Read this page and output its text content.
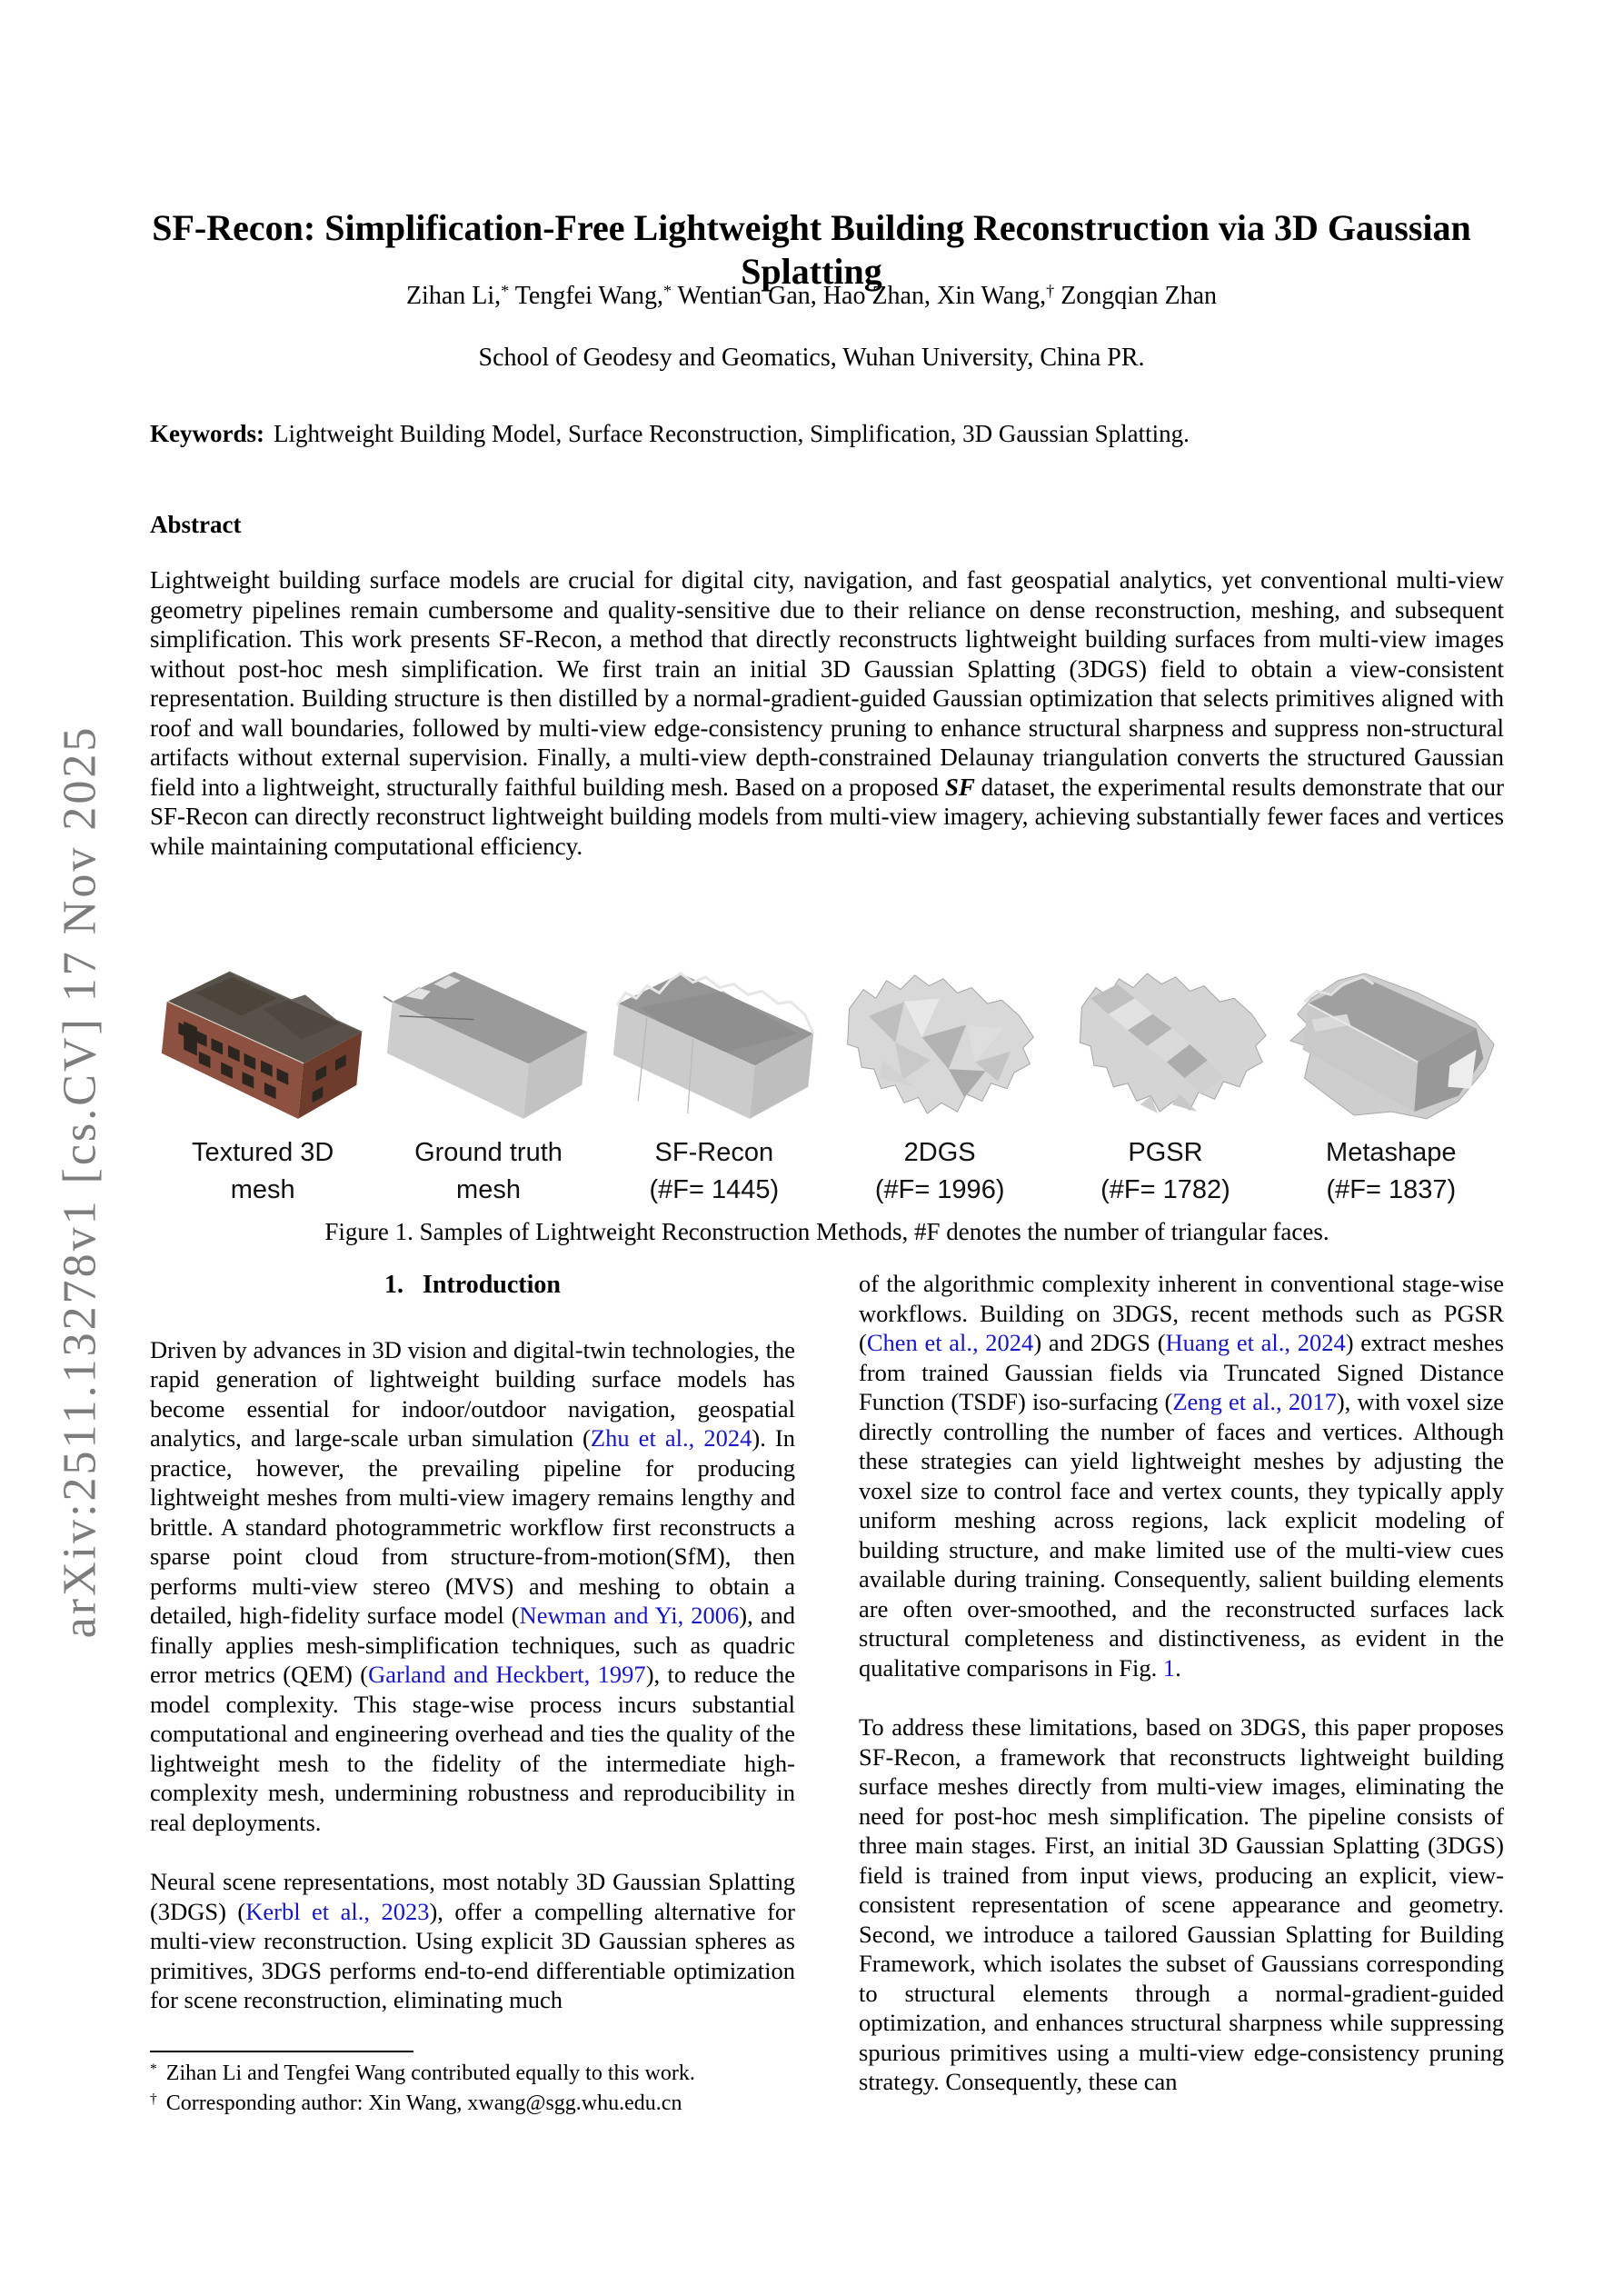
arXiv:2511.13278v1 [cs.CV] 17 Nov 2025
SF-Recon: Simplification-Free Lightweight Building Reconstruction via 3D Gaussian Splatting
Zihan Li,* Tengfei Wang,* Wentian Gan, Hao Zhan, Xin Wang,† Zongqian Zhan
School of Geodesy and Geomatics, Wuhan University, China PR.
Keywords: Lightweight Building Model, Surface Reconstruction, Simplification, 3D Gaussian Splatting.
Abstract
Lightweight building surface models are crucial for digital city, navigation, and fast geospatial analytics, yet conventional multi-view geometry pipelines remain cumbersome and quality-sensitive due to their reliance on dense reconstruction, meshing, and subsequent simplification. This work presents SF-Recon, a method that directly reconstructs lightweight building surfaces from multi-view images without post-hoc mesh simplification. We first train an initial 3D Gaussian Splatting (3DGS) field to obtain a view-consistent representation. Building structure is then distilled by a normal-gradient-guided Gaussian optimization that selects primitives aligned with roof and wall boundaries, followed by multi-view edge-consistency pruning to enhance structural sharpness and suppress non-structural artifacts without external supervision. Finally, a multi-view depth-constrained Delaunay triangulation converts the structured Gaussian field into a lightweight, structurally faithful building mesh. Based on a proposed SF dataset, the experimental results demonstrate that our SF-Recon can directly reconstruct lightweight building models from multi-view imagery, achieving substantially fewer faces and vertices while maintaining computational efficiency.
Textured 3D
mesh
Ground truth
mesh
SF-Recon
(#F= 1445)
2DGS
(#F= 1996)
PGSR
(#F= 1782)
Metashape
(#F= 1837)
Figure 1. Samples of Lightweight Reconstruction Methods, #F denotes the number of triangular faces.
1.   Introduction

Driven by advances in 3D vision and digital-twin technologies, the rapid generation of lightweight building surface models has become essential for indoor/outdoor navigation, geospatial analytics, and large-scale urban simulation (Zhu et al., 2024). In practice, however, the prevailing pipeline for producing lightweight meshes from multi-view imagery remains lengthy and brittle. A standard photogrammetric workflow first reconstructs a sparse point cloud from structure-from-motion(SfM), then performs multi-view stereo (MVS) and meshing to obtain a detailed, high-fidelity surface model (Newman and Yi, 2006), and finally applies mesh-simplification techniques, such as quadric error metrics (QEM) (Garland and Heckbert, 1997), to reduce the model complexity. This stage-wise process incurs substantial computational and engineering overhead and ties the quality of the lightweight mesh to the fidelity of the intermediate high-complexity mesh, undermining robustness and reproducibility in real deployments.

Neural scene representations, most notably 3D Gaussian Splatting (3DGS) (Kerbl et al., 2023), offer a compelling alternative for multi-view reconstruction. Using explicit 3D Gaussian spheres as primitives, 3DGS performs end-to-end differentiable optimization for scene reconstruction, eliminating much

of the algorithmic complexity inherent in conventional stage-wise workflows. Building on 3DGS, recent methods such as PGSR (Chen et al., 2024) and 2DGS (Huang et al., 2024) extract meshes from trained Gaussian fields via Truncated Signed Distance Function (TSDF) iso-surfacing (Zeng et al., 2017), with voxel size directly controlling the number of faces and vertices. Although these strategies can yield lightweight meshes by adjusting the voxel size to control face and vertex counts, they typically apply uniform meshing across regions, lack explicit modeling of building structure, and make limited use of the multi-view cues available during training. Consequently, salient building elements are often over-smoothed, and the reconstructed surfaces lack structural completeness and distinctiveness, as evident in the qualitative comparisons in Fig. 1.

To address these limitations, based on 3DGS, this paper proposes SF-Recon, a framework that reconstructs lightweight building surface meshes directly from multi-view images, eliminating the need for post-hoc mesh simplification. The pipeline consists of three main stages. First, an initial 3D Gaussian Splatting (3DGS) field is trained from input views, producing an explicit, view-consistent representation of scene appearance and geometry. Second, we introduce a tailored Gaussian Splatting for Building Framework, which isolates the subset of Gaussians corresponding to structural elements through a normal-gradient-guided optimization, and enhances structural sharpness while suppressing spurious primitives using a multi-view edge-consistency pruning strategy. Consequently, these can

* Zihan Li and Tengfei Wang contributed equally to this work.
† Corresponding author: Xin Wang, xwang@sgg.whu.edu.cn
